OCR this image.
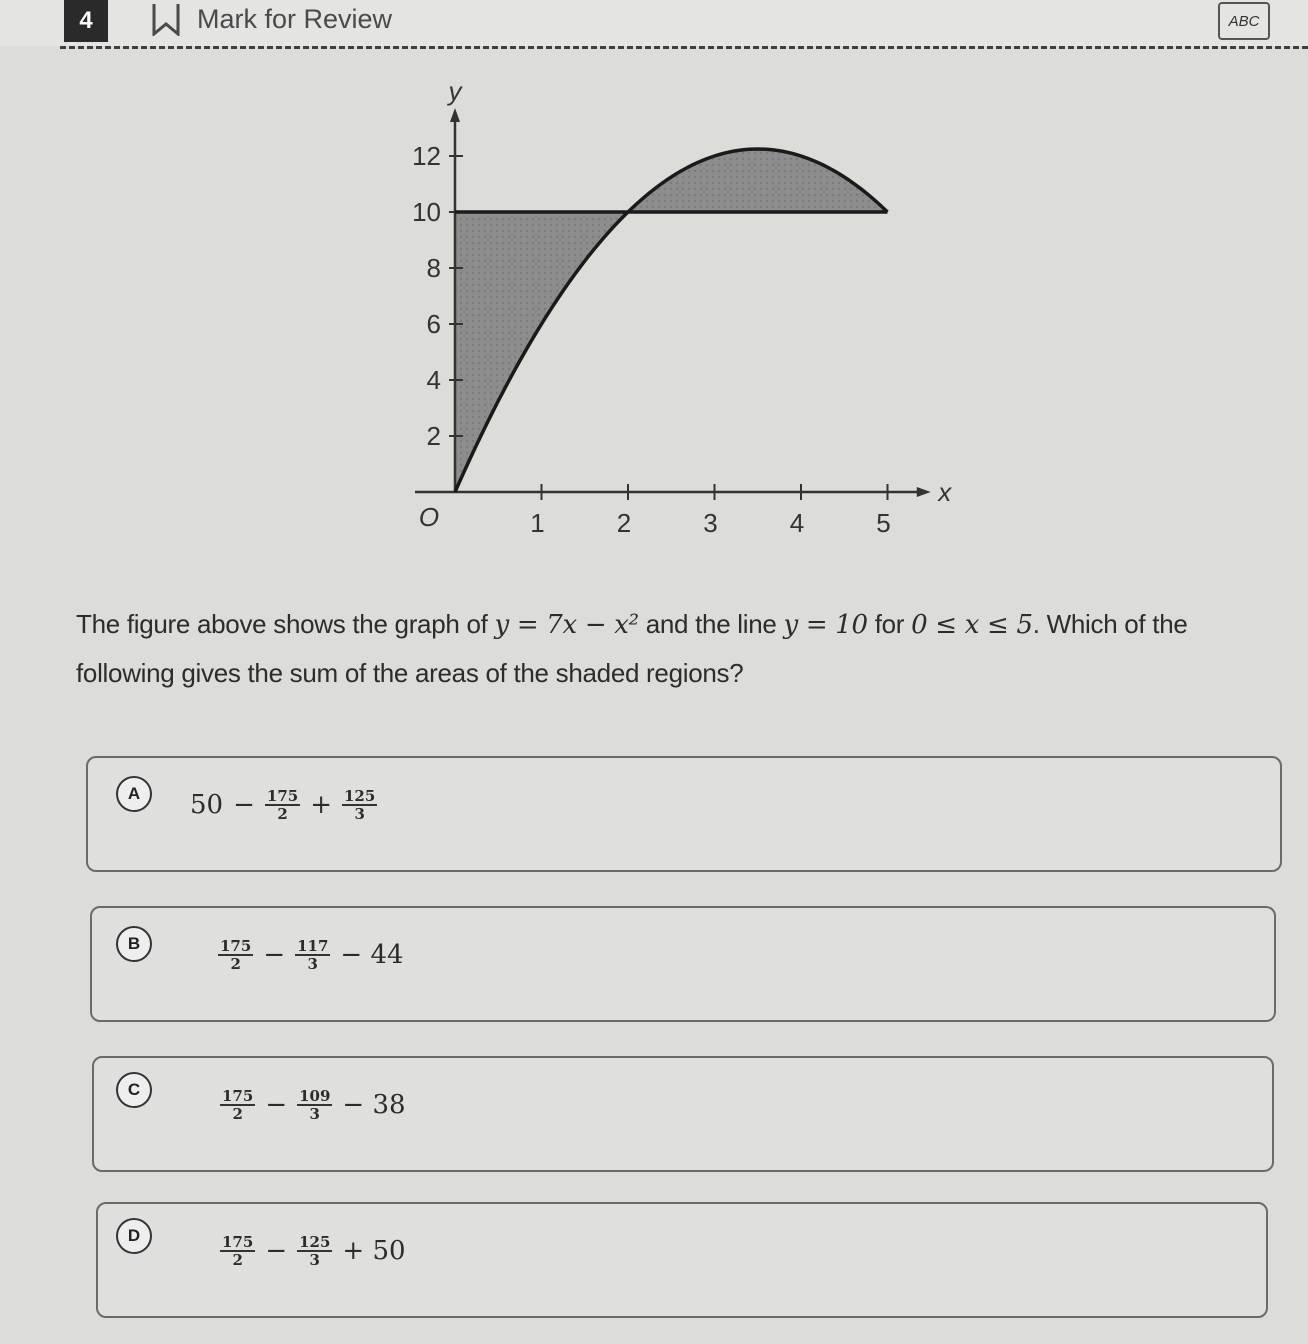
4	Mark for Review	ABC
1	2	3	4	5
2
4
6
8
10
12
O
y
x
The figure above shows the graph of y = 7x − x² and the line y = 10 for 0 ≤ x ≤ 5. Which of the following gives the sum of the areas of the shaded regions?
A	$50 - \frac{175}{2} + \frac{125}{3}$
B	$\frac{175}{2} - \frac{117}{3} - 44$
C	$\frac{175}{2} - \frac{109}{3} - 38$
D	$\frac{175}{2} - \frac{125}{3} + 50$
